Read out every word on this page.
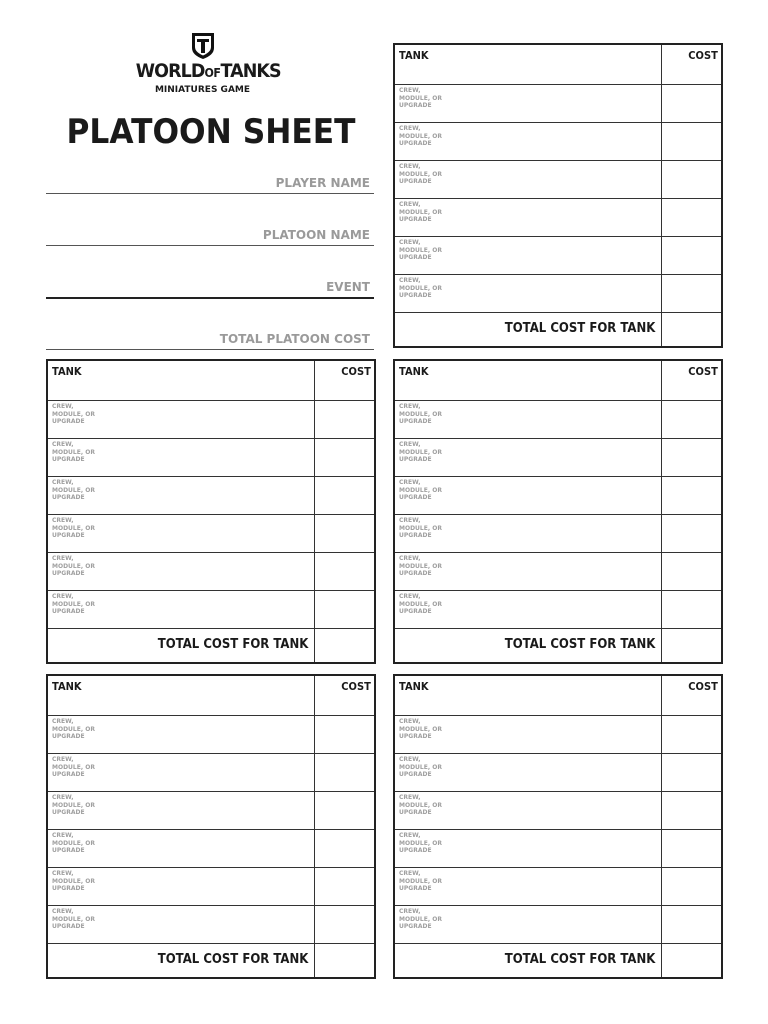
WORLDOFTANKS
MINIATURES GAME
PLATOON SHEET
PLAYER NAME
PLATOON NAME
EVENT
TOTAL PLATOON COST
TANK	COST
CREW,
MODULE, OR
UPGRADE
CREW,
MODULE, OR
UPGRADE
CREW,
MODULE, OR
UPGRADE
CREW,
MODULE, OR
UPGRADE
CREW,
MODULE, OR
UPGRADE
CREW,
MODULE, OR
UPGRADE
TOTAL COST FOR TANK
TANK	COST
CREW,
MODULE, OR
UPGRADE
CREW,
MODULE, OR
UPGRADE
CREW,
MODULE, OR
UPGRADE
CREW,
MODULE, OR
UPGRADE
CREW,
MODULE, OR
UPGRADE
CREW,
MODULE, OR
UPGRADE
TOTAL COST FOR TANK
TANK	COST
CREW,
MODULE, OR
UPGRADE
CREW,
MODULE, OR
UPGRADE
CREW,
MODULE, OR
UPGRADE
CREW,
MODULE, OR
UPGRADE
CREW,
MODULE, OR
UPGRADE
CREW,
MODULE, OR
UPGRADE
TOTAL COST FOR TANK
TANK	COST
CREW,
MODULE, OR
UPGRADE
CREW,
MODULE, OR
UPGRADE
CREW,
MODULE, OR
UPGRADE
CREW,
MODULE, OR
UPGRADE
CREW,
MODULE, OR
UPGRADE
CREW,
MODULE, OR
UPGRADE
TOTAL COST FOR TANK
TANK	COST
CREW,
MODULE, OR
UPGRADE
CREW,
MODULE, OR
UPGRADE
CREW,
MODULE, OR
UPGRADE
CREW,
MODULE, OR
UPGRADE
CREW,
MODULE, OR
UPGRADE
CREW,
MODULE, OR
UPGRADE
TOTAL COST FOR TANK
